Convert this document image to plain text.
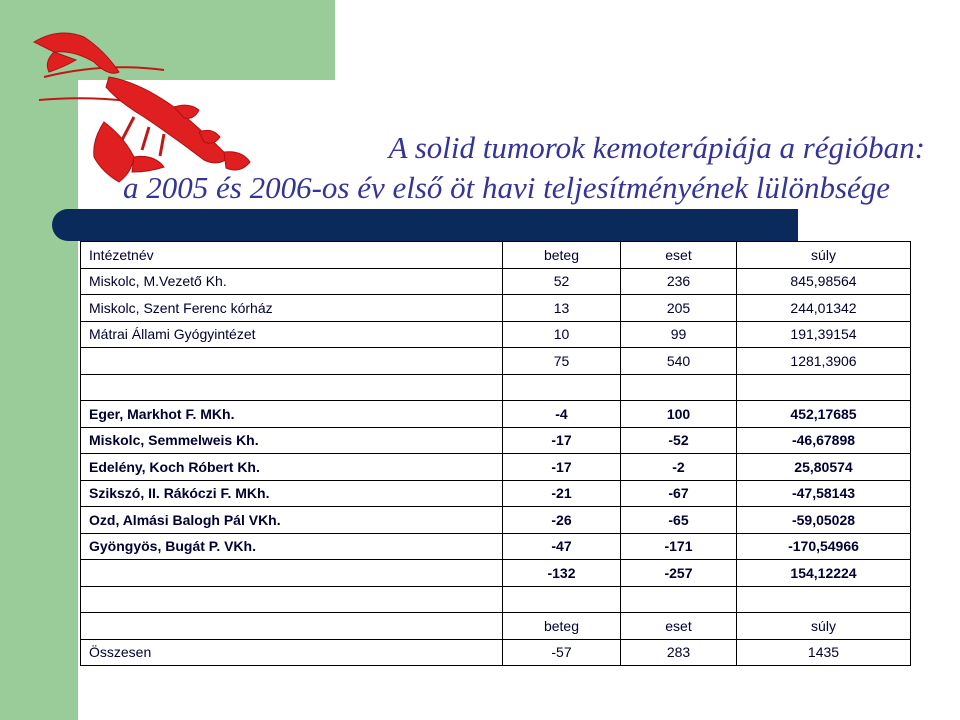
A solid tumorok kemoterápiája a régióban:
a 2005 és 2006-os év első öt havi teljesítményének lülönbsége
Intézetnév	beteg	eset	súly
Miskolc, M.Vezető Kh.	52	236	845,98564
Miskolc, Szent Ferenc kórház	13	205	244,01342
Mátrai Állami Gyógyintézet	10	99	191,39154
	75	540	1281,3906

Eger, Markhot F. MKh.	-4	100	452,17685
Miskolc, Semmelweis Kh.	-17	-52	-46,67898
Edelény, Koch Róbert Kh.	-17	-2	25,80574
Szikszó, II. Rákóczi F. MKh.	-21	-67	-47,58143
Ozd, Almási Balogh Pál VKh.	-26	-65	-59,05028
Gyöngyös, Bugát P. VKh.	-47	-171	-170,54966
	-132	-257	154,12224

	beteg	eset	súly
Összesen	-57	283	1435
